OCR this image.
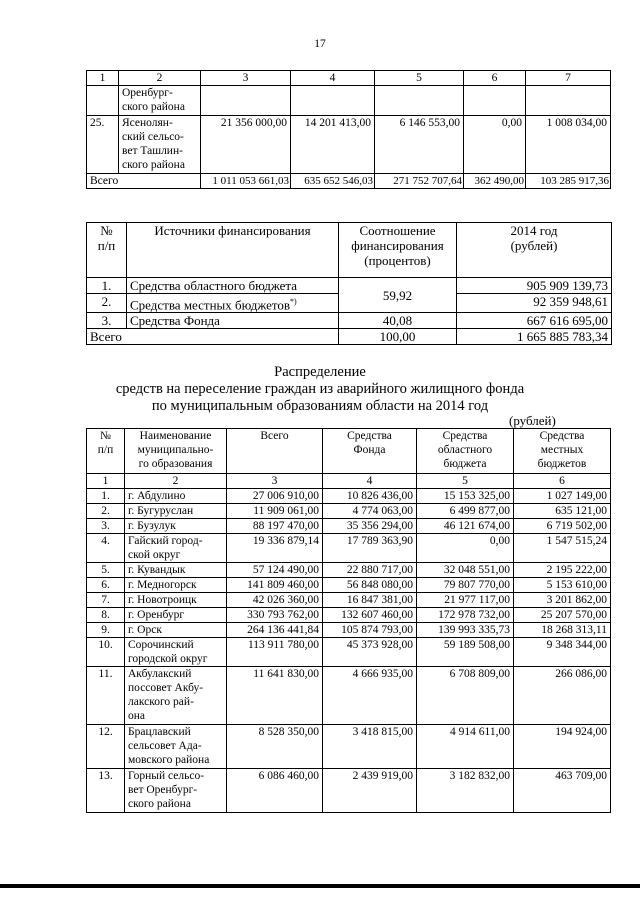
17
1	2	3	4	5	6	7
	Оренбург-
ского района					
25.	Ясенолян-
ский сельсо-
вет Ташлин-
ского района	21 356 000,00	14 201 413,00	6 146 553,00	0,00	1 008 034,00
Всего		1 011 053 661,03	635 652 546,03	271 752 707,64	362 490,00	103 285 917,36
№
п/п	Источники финансирования	Соотношение
финансирования
(процентов)	2014 год
(рублей)
1.	Средства областного бюджета	59,92	905 909 139,73
2.	Средства местных бюджетов*)		92 359 948,61
3.	Средства Фонда	40,08	667 616 695,00
Всего		100,00	1 665 885 783,34
Распределение
средств на переселение граждан из аварийного жилищного фонда
по муниципальным образованиям области на 2014 год
(рублей)
№
п/п	Наименование
муниципально-
го образования	Всего	Средства
Фонда	Средства
областного
бюджета	Средства
местных
бюджетов
1	2	3	4	5	6
1.	г. Абдулино	27 006 910,00	10 826 436,00	15 153 325,00	1 027 149,00
2.	г. Бугуруслан	11 909 061,00	4 774 063,00	6 499 877,00	635 121,00
3.	г. Бузулук	88 197 470,00	35 356 294,00	46 121 674,00	6 719 502,00
4.	Гайский город-
ской округ	19 336 879,14	17 789 363,90	0,00	1 547 515,24
5.	г. Кувандык	57 124 490,00	22 880 717,00	32 048 551,00	2 195 222,00
6.	г. Медногорск	141 809 460,00	56 848 080,00	79 807 770,00	5 153 610,00
7.	г. Новотроицк	42 026 360,00	16 847 381,00	21 977 117,00	3 201 862,00
8.	г. Оренбург	330 793 762,00	132 607 460,00	172 978 732,00	25 207 570,00
9.	г. Орск	264 136 441,84	105 874 793,00	139 993 335,73	18 268 313,11
10.	Сорочинский
городской округ	113 911 780,00	45 373 928,00	59 189 508,00	9 348 344,00
11.	Акбулакский
поссовет Акбу-
лакского рай-
она	11 641 830,00	4 666 935,00	6 708 809,00	266 086,00
12.	Брацлавский
сельсовет Ада-
мовского района	8 528 350,00	3 418 815,00	4 914 611,00	194 924,00
13.	Горный сельсо-
вет Оренбург-
ского района	6 086 460,00	2 439 919,00	3 182 832,00	463 709,00
